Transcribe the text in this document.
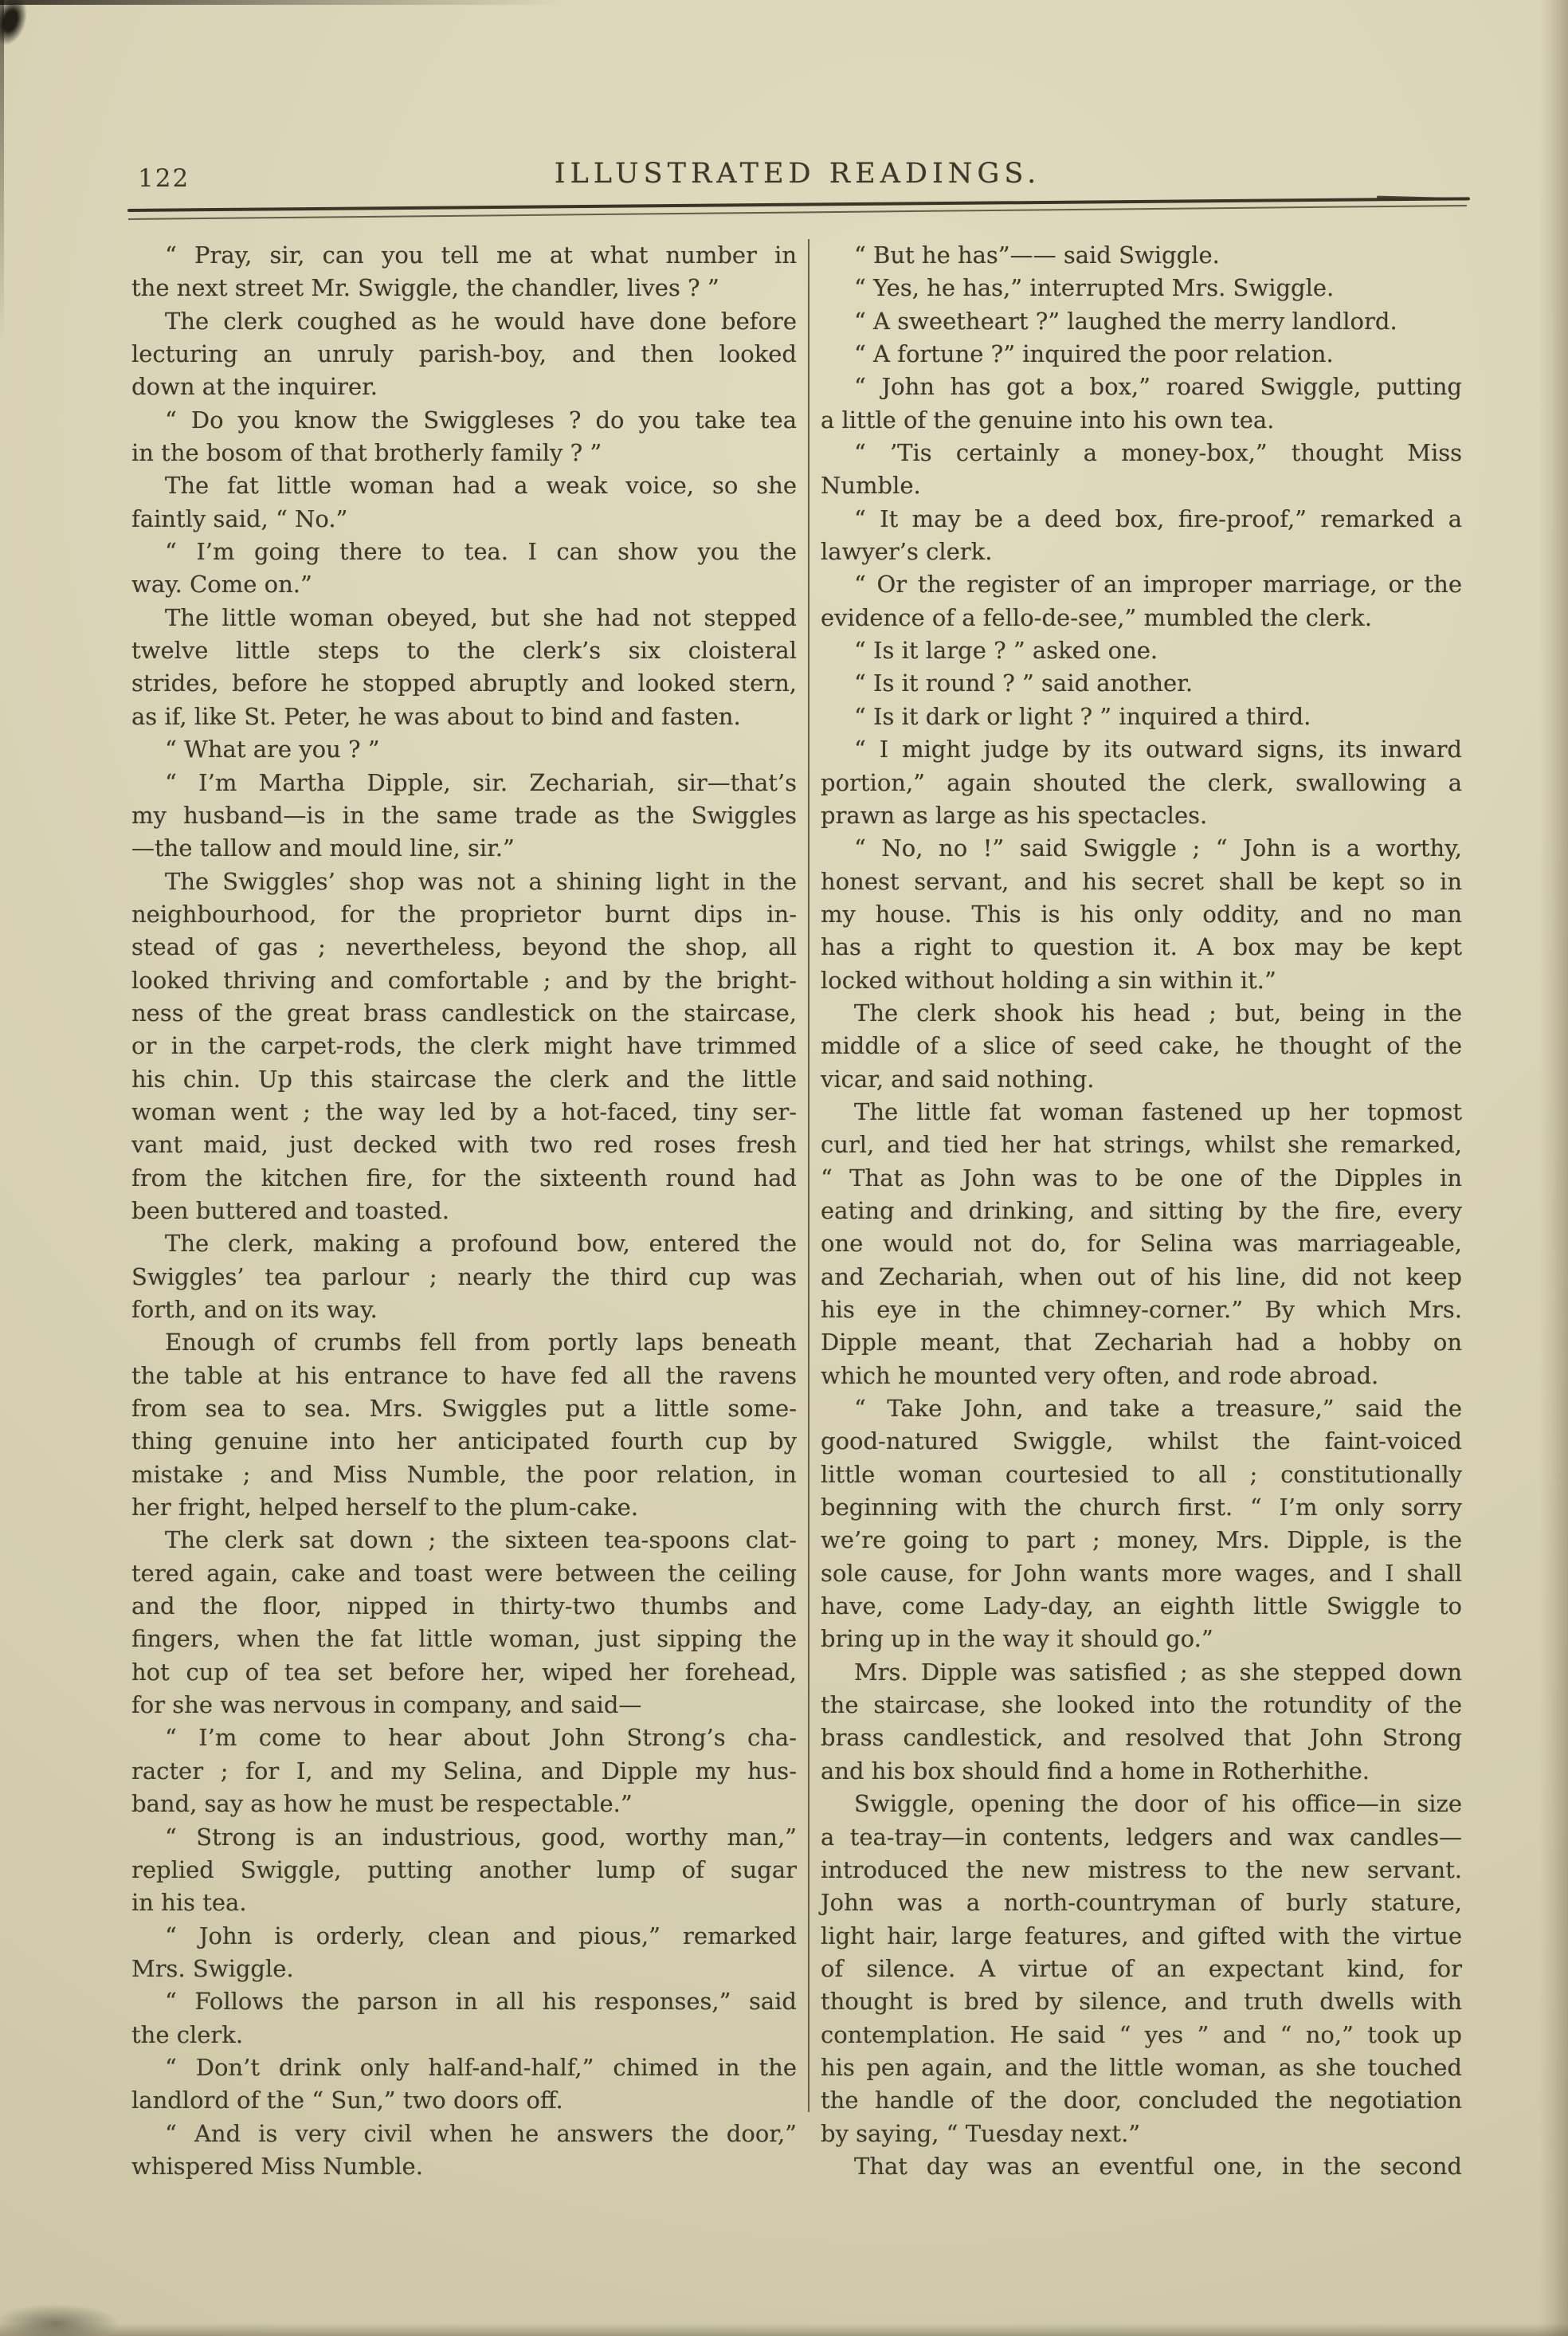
122	ILLUSTRATED READINGS.
“ Pray, sir, can you tell me at what number in
the next street Mr. Swiggle, the chandler, lives ? ”
The clerk coughed as he would have done before
lecturing an unruly parish-boy, and then looked
down at the inquirer.
“ Do you know the Swiggleses ? do you take tea
in the bosom of that brotherly family ? ”
The fat little woman had a weak voice, so she
faintly said, “ No.”
“ I’m going there to tea. I can show you the
way. Come on.”
The little woman obeyed, but she had not stepped
twelve little steps to the clerk’s six cloisteral
strides, before he stopped abruptly and looked stern,
as if, like St. Peter, he was about to bind and fasten.
“ What are you ? ”
“ I’m Martha Dipple, sir. Zechariah, sir—that’s
my husband—is in the same trade as the Swiggles
—the tallow and mould line, sir.”
The Swiggles’ shop was not a shining light in the
neighbourhood, for the proprietor burnt dips in-
stead of gas ; nevertheless, beyond the shop, all
looked thriving and comfortable ; and by the bright-
ness of the great brass candlestick on the staircase,
or in the carpet-rods, the clerk might have trimmed
his chin. Up this staircase the clerk and the little
woman went ; the way led by a hot-faced, tiny ser-
vant maid, just decked with two red roses fresh
from the kitchen fire, for the sixteenth round had
been buttered and toasted.
The clerk, making a profound bow, entered the
Swiggles’ tea parlour ; nearly the third cup was
forth, and on its way.
Enough of crumbs fell from portly laps beneath
the table at his entrance to have fed all the ravens
from sea to sea. Mrs. Swiggles put a little some-
thing genuine into her anticipated fourth cup by
mistake ; and Miss Numble, the poor relation, in
her fright, helped herself to the plum-cake.
The clerk sat down ; the sixteen tea-spoons clat-
tered again, cake and toast were between the ceiling
and the floor, nipped in thirty-two thumbs and
fingers, when the fat little woman, just sipping the
hot cup of tea set before her, wiped her forehead,
for she was nervous in company, and said—
“ I’m come to hear about John Strong’s cha-
racter ; for I, and my Selina, and Dipple my hus-
band, say as how he must be respectable.”
“ Strong is an industrious, good, worthy man,”
replied Swiggle, putting another lump of sugar
in his tea.
“ John is orderly, clean and pious,” remarked
Mrs. Swiggle.
“ Follows the parson in all his responses,” said
the clerk.
“ Don’t drink only half-and-half,” chimed in the
landlord of the “ Sun,” two doors off.
“ And is very civil when he answers the door,”
whispered Miss Numble.
“ But he has”—— said Swiggle.
“ Yes, he has,” interrupted Mrs. Swiggle.
“ A sweetheart ?” laughed the merry landlord.
“ A fortune ?” inquired the poor relation.
“ John has got a box,” roared Swiggle, putting
a little of the genuine into his own tea.
“ ’Tis certainly a money-box,” thought Miss
Numble.
“ It may be a deed box, fire-proof,” remarked a
lawyer’s clerk.
“ Or the register of an improper marriage, or the
evidence of a fello-de-see,” mumbled the clerk.
“ Is it large ? ” asked one.
“ Is it round ? ” said another.
“ Is it dark or light ? ” inquired a third.
“ I might judge by its outward signs, its inward
portion,” again shouted the clerk, swallowing a
prawn as large as his spectacles.
“ No, no !” said Swiggle ; “ John is a worthy,
honest servant, and his secret shall be kept so in
my house. This is his only oddity, and no man
has a right to question it. A box may be kept
locked without holding a sin within it.”
The clerk shook his head ; but, being in the
middle of a slice of seed cake, he thought of the
vicar, and said nothing.
The little fat woman fastened up her topmost
curl, and tied her hat strings, whilst she remarked,
“ That as John was to be one of the Dipples in
eating and drinking, and sitting by the fire, every
one would not do, for Selina was marriageable,
and Zechariah, when out of his line, did not keep
his eye in the chimney-corner.” By which Mrs.
Dipple meant, that Zechariah had a hobby on
which he mounted very often, and rode abroad.
“ Take John, and take a treasure,” said the
good-natured Swiggle, whilst the faint-voiced
little woman courtesied to all ; constitutionally
beginning with the church first. “ I’m only sorry
we’re going to part ; money, Mrs. Dipple, is the
sole cause, for John wants more wages, and I shall
have, come Lady-day, an eighth little Swiggle to
bring up in the way it should go.”
Mrs. Dipple was satisfied ; as she stepped down
the staircase, she looked into the rotundity of the
brass candlestick, and resolved that John Strong
and his box should find a home in Rotherhithe.
Swiggle, opening the door of his office—in size
a tea-tray—in contents, ledgers and wax candles—
introduced the new mistress to the new servant.
John was a north-countryman of burly stature,
light hair, large features, and gifted with the virtue
of silence. A virtue of an expectant kind, for
thought is bred by silence, and truth dwells with
contemplation. He said “ yes ” and “ no,” took up
his pen again, and the little woman, as she touched
the handle of the door, concluded the negotiation
by saying, “ Tuesday next.”
That day was an eventful one, in the second
